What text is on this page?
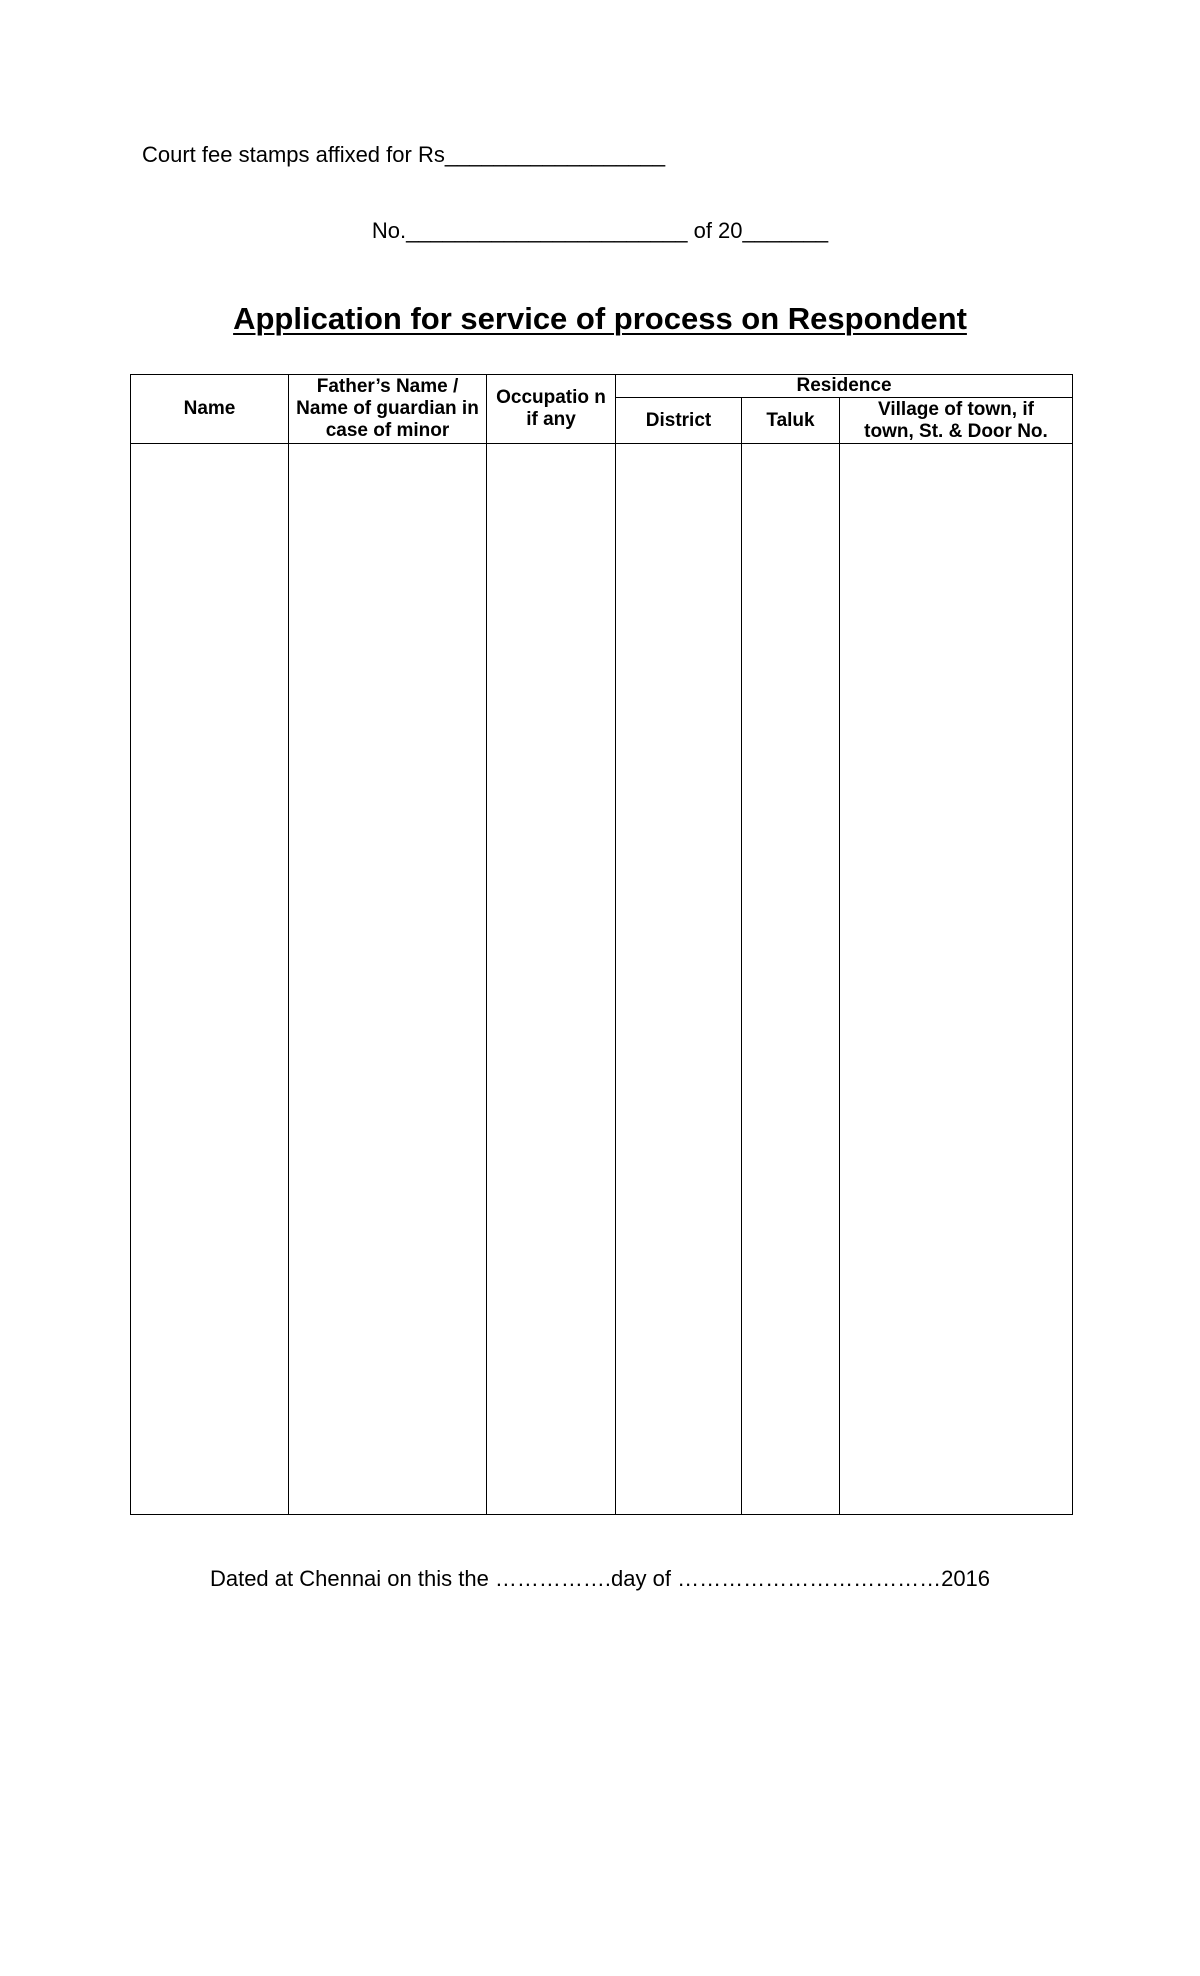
Court fee stamps affixed for Rs__________________
No._______________________ of 20_______
Application for service of process on Respondent
Name	Father’s Name / Name of guardian in case of minor	Occupatio n if any	Residence		
			District	Taluk	Village of town, if town, St. & Door No.

Dated at Chennai on this the …………….day of ………………………………2016
